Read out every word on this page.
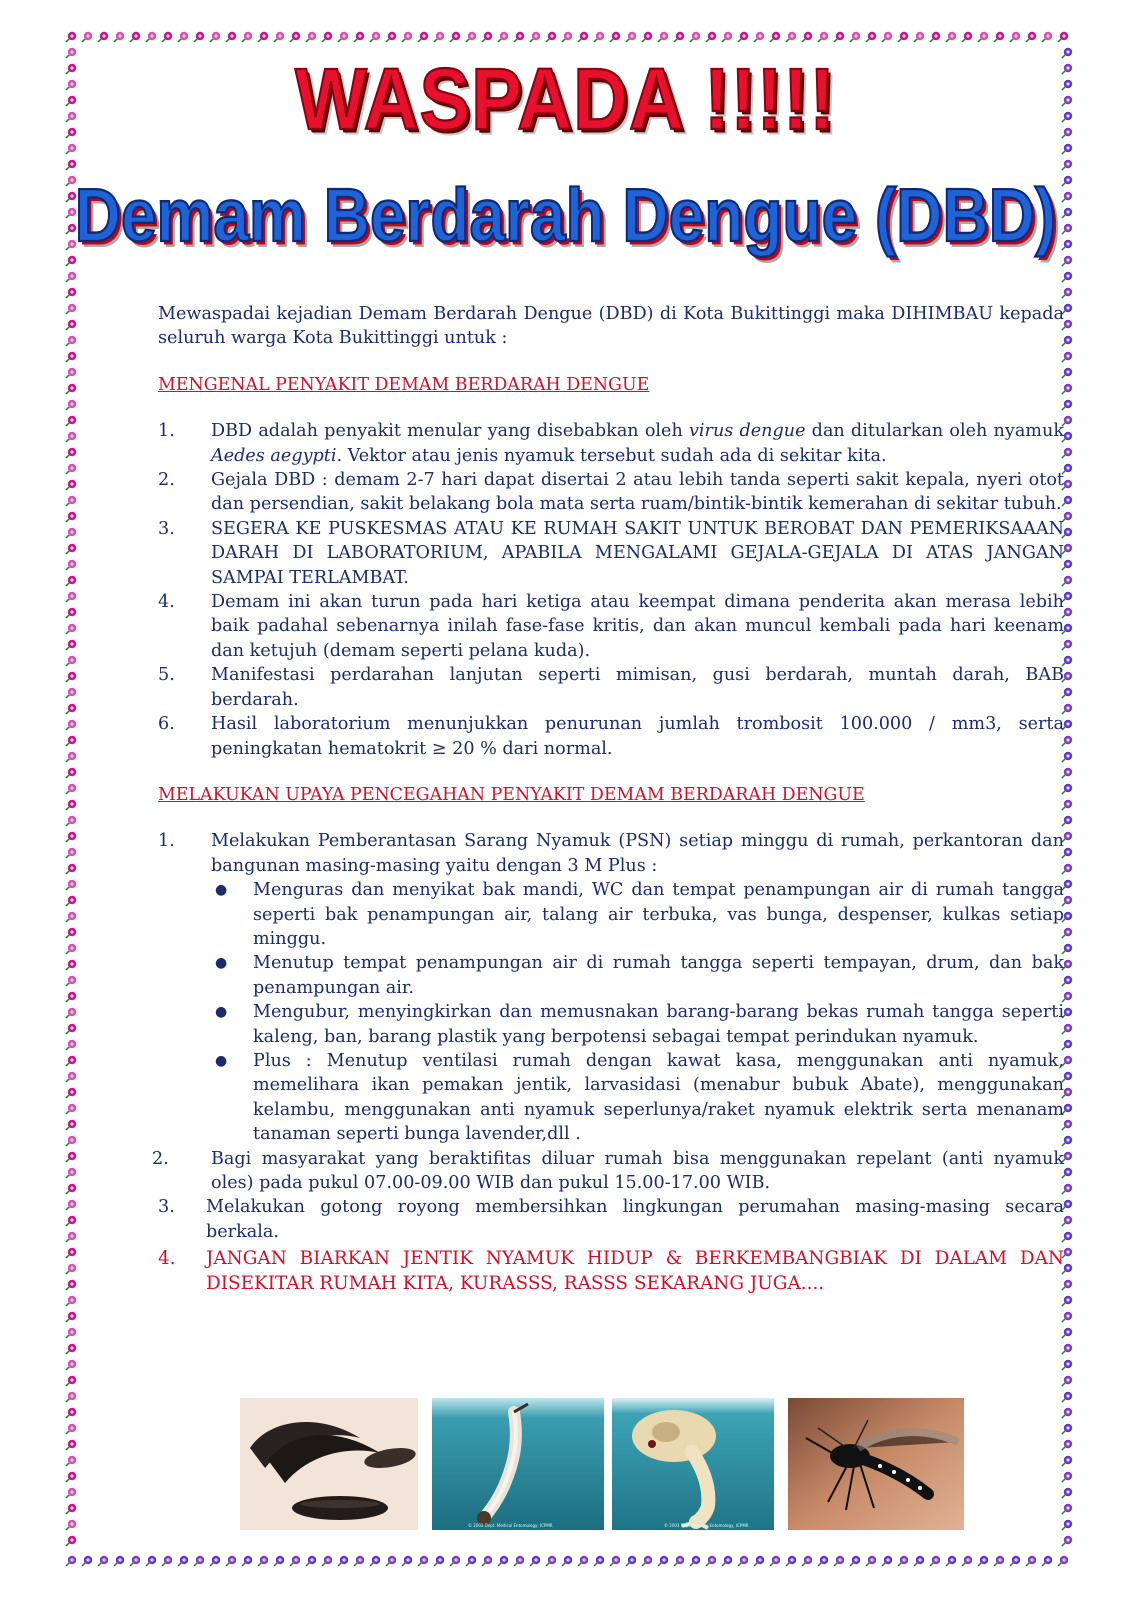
WASPADA !!!!!
Demam Berdarah Dengue (DBD)

Mewaspadai kejadian Demam Berdarah Dengue (DBD) di Kota Bukittinggi maka DIHIMBAU kepada seluruh warga Kota Bukittinggi untuk :

MENGENAL PENYAKIT DEMAM BERDARAH DENGUE
1. DBD adalah penyakit menular yang disebabkan oleh virus dengue dan ditularkan oleh nyamuk Aedes aegypti. Vektor atau jenis nyamuk tersebut sudah ada di sekitar kita.
2. Gejala DBD : demam 2-7 hari dapat disertai 2 atau lebih tanda seperti sakit kepala, nyeri otot dan persendian, sakit belakang bola mata serta ruam/bintik-bintik kemerahan di sekitar tubuh.
3. SEGERA KE PUSKESMAS ATAU KE RUMAH SAKIT UNTUK BEROBAT DAN PEMERIKSAAAN DARAH DI LABORATORIUM, APABILA MENGALAMI GEJALA-GEJALA DI ATAS JANGAN SAMPAI TERLAMBAT.
4. Demam ini akan turun pada hari ketiga atau keempat dimana penderita akan merasa lebih baik padahal sebenarnya inilah fase-fase kritis, dan akan muncul kembali pada hari keenam dan ketujuh (demam seperti pelana kuda).
5. Manifestasi perdarahan lanjutan seperti mimisan, gusi berdarah, muntah darah, BAB berdarah.
6. Hasil laboratorium menunjukkan penurunan jumlah trombosit 100.000 / mm3, serta peningkatan hematokrit ≥ 20 % dari normal.
MELAKUKAN UPAYA PENCEGAHAN PENYAKIT DEMAM BERDARAH DENGUE
1. Melakukan Pemberantasan Sarang Nyamuk (PSN) setiap minggu di rumah, perkantoran dan bangunan masing-masing yaitu dengan 3 M Plus :
● Menguras dan menyikat bak mandi, WC dan tempat penampungan air di rumah tangga seperti bak penampungan air, talang air terbuka, vas bunga, despenser, kulkas setiap minggu.
● Menutup tempat penampungan air di rumah tangga seperti tempayan, drum, dan bak penampungan air.
● Mengubur, menyingkirkan dan memusnakan barang-barang bekas rumah tangga seperti kaleng, ban, barang plastik yang berpotensi sebagai tempat perindukan nyamuk.
● Plus : Menutup ventilasi rumah dengan kawat kasa, menggunakan anti nyamuk, memelihara ikan pemakan jentik, larvasidasi (menabur bubuk Abate), menggunakan kelambu, menggunakan anti nyamuk seperlunya/raket nyamuk elektrik serta menanam tanaman seperti bunga lavender,dll .
2. Bagi masyarakat yang beraktifitas diluar rumah bisa menggunakan repelant (anti nyamuk oles) pada pukul 07.00-09.00 WIB dan pukul 15.00-17.00 WIB.
3. Melakukan gotong royong membersihkan lingkungan perumahan masing-masing secara berkala.
4. JANGAN BIARKAN JENTIK NYAMUK HIDUP & BERKEMBANGBIAK DI DALAM DAN DISEKITAR RUMAH KITA, KURASSS, RASSS SEKARANG JUGA....
© 2003 Dept. Medical Entomology, ICPMR	© 2003 Dept. Medical Entomology, ICPMR
